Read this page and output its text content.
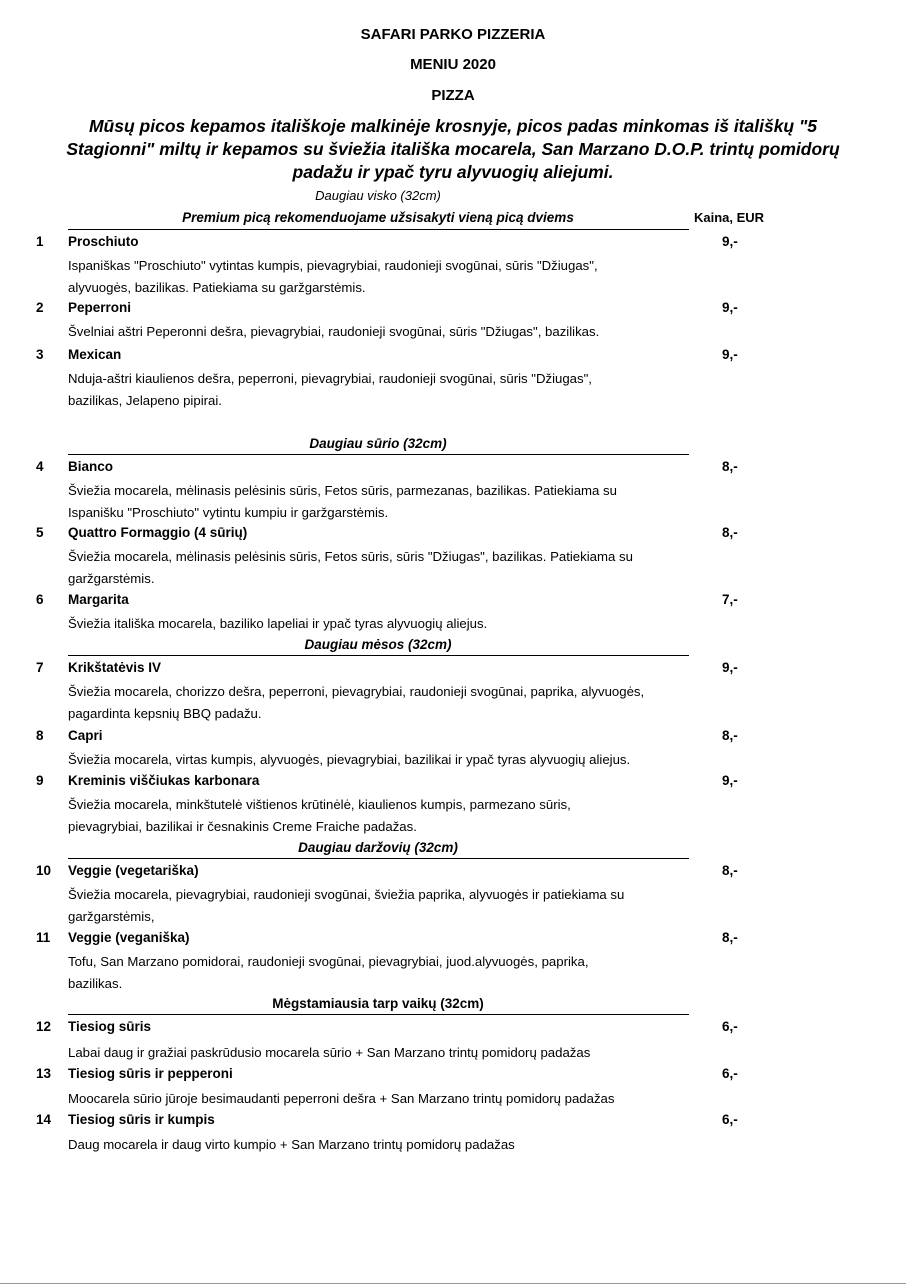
SAFARI PARKO PIZZERIA
MENIU 2020
PIZZA
Mūsų picos kepamos itališkoje malkinėje krosnyje, picos padas minkomas iš itališkų "5
Stagionni" miltų ir kepamos su šviežia itališka mocarela, San Marzano D.O.P. trintų pomidorų
padažu ir ypač tyru alyvuogių aliejumi.
Daugiau visko (32cm)
Premium picą rekomenduojame užsisakyti vieną picą dviems	Kaina, EUR
1	Proschiuto	9,-
Ispaniškas "Proschiuto" vytintas kumpis, pievagrybiai, raudonieji svogūnai, sūris "Džiugas",
alyvuogės, bazilikas. Patiekiama su garžgarstėmis.
2	Peperroni	9,-
Švelniai aštri Peperonni dešra, pievagrybiai, raudonieji svogūnai, sūris "Džiugas", bazilikas.
3	Mexican	9,-
Nduja-aštri kiaulienos dešra, peperroni, pievagrybiai, raudonieji svogūnai, sūris "Džiugas",
bazilikas, Jelapeno pipirai.
Daugiau sūrio (32cm)
4	Bianco	8,-
Šviežia mocarela, mėlinasis pelėsinis sūris, Fetos sūris, parmezanas, bazilikas. Patiekiama su
Ispanišku "Proschiuto" vytintu kumpiu ir garžgarstėmis.
5	Quattro Formaggio (4 sūrių)	8,-
Šviežia mocarela, mėlinasis pelėsinis sūris, Fetos sūris, sūris "Džiugas", bazilikas. Patiekiama su
garžgarstėmis.
6	Margarita	7,-
Šviežia itališka mocarela, baziliko lapeliai ir ypač tyras alyvuogių aliejus.
Daugiau mėsos (32cm)
7	Krikštatėvis IV	9,-
Šviežia mocarela, chorizzo dešra, peperroni, pievagrybiai, raudonieji svogūnai, paprika, alyvuogės,
pagardinta kepsnių BBQ padažu.
8	Capri	8,-
Šviežia mocarela, virtas kumpis, alyvuogės, pievagrybiai, bazilikai ir ypač tyras alyvuogių aliejus.
9	Kreminis viščiukas karbonara	9,-
Šviežia mocarela, minkštutelė vištienos krūtinėlė, kiaulienos kumpis, parmezano sūris,
pievagrybiai, bazilikai ir česnakinis Creme Fraiche padažas.
Daugiau daržovių (32cm)
10	Veggie (vegetariška)	8,-
Šviežia mocarela, pievagrybiai, raudonieji svogūnai, šviežia paprika, alyvuogės ir patiekiama su
garžgarstėmis,
11	Veggie (veganiška)	8,-
Tofu, San Marzano pomidorai, raudonieji svogūnai, pievagrybiai, juod.alyvuogės, paprika,
bazilikas.
Mėgstamiausia tarp vaikų (32cm)
12	Tiesiog sūris	6,-
Labai daug ir gražiai paskrūdusio mocarela sūrio + San Marzano trintų pomidorų padažas
13	Tiesiog sūris ir pepperoni	6,-
Moocarela sūrio jūroje besimaudanti peperroni dešra + San Marzano trintų pomidorų padažas
14	Tiesiog sūris ir kumpis	6,-
Daug mocarela ir daug virto kumpio + San Marzano trintų pomidorų padažas
